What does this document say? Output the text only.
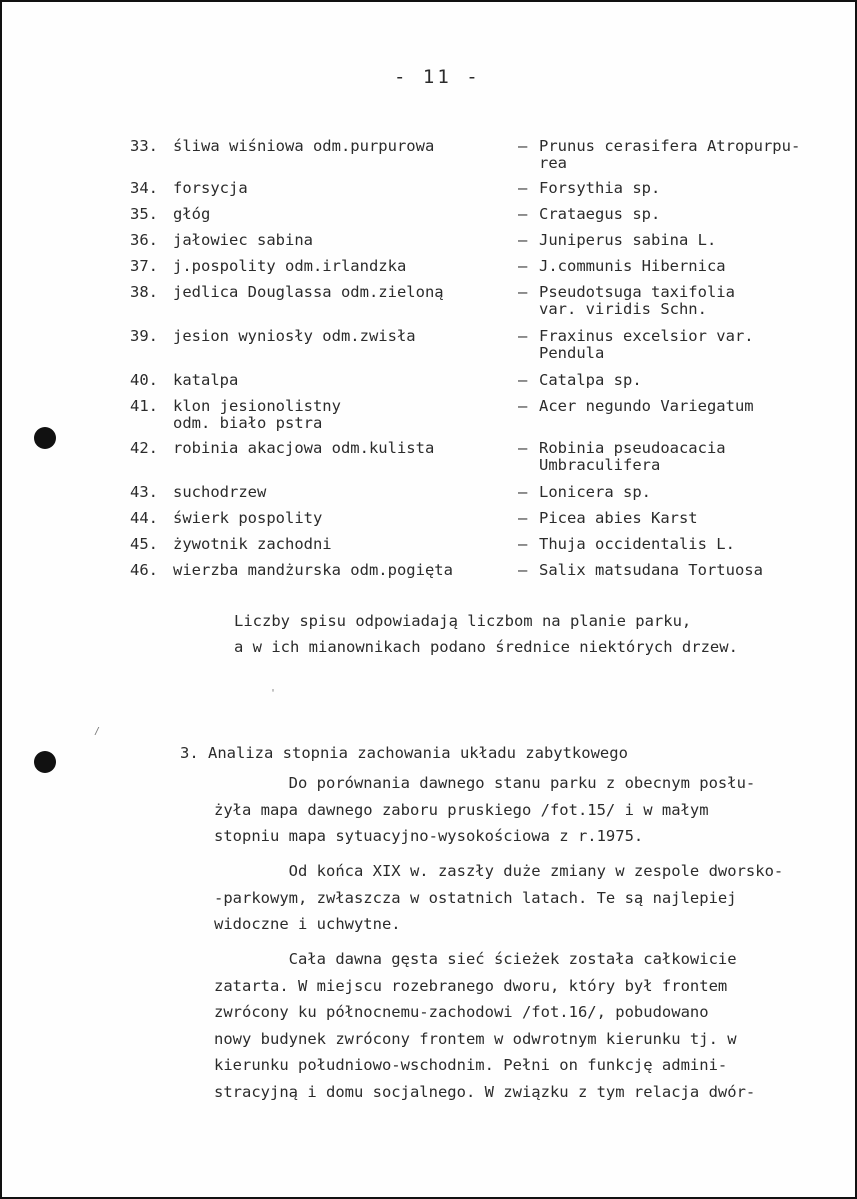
- 11 -
33. śliwa wiśniowa odm.purpurowa	– Prunus cerasifera Atropurpu-
rea
34. forsycja	– Forsythia sp.
35. głóg	– Crataegus sp.
36. jałowiec sabina	– Juniperus sabina L.
37. j.pospolity odm.irlandzka	– J.communis Hibernica
38. jedlica Douglassa odm.zieloną	– Pseudotsuga taxifolia
var. viridis Schn.
39. jesion wyniosły odm.zwisła	– Fraxinus excelsior var.
Pendula
40. katalpa	– Catalpa sp.
41. klon jesionolistny
odm. biało pstra
– Acer negundo Variegatum
42. robinia akacjowa odm.kulista	– Robinia pseudoacacia
Umbraculifera
43. suchodrzew	– Lonicera sp.
44. świerk pospolity	– Picea abies Karst
45. żywotnik zachodni	– Thuja occidentalis L.
46. wierzba mandżurska odm.pogięta	– Salix matsudana Tortuosa
Liczby spisu odpowiadają liczbom na planie parku,
a w ich mianownikach podano średnice niektórych drzew.
'
/
3. Analiza stopnia zachowania układu zabytkowego
Do porównania dawnego stanu parku z obecnym posłu-
żyła mapa dawnego zaboru pruskiego /fot.15/ i w małym
stopniu mapa sytuacyjno-wysokościowa z r.1975.
Od końca XIX w. zaszły duże zmiany w zespole dworsko-
-parkowym, zwłaszcza w ostatnich latach. Te są najlepiej
widoczne i uchwytne.
Cała dawna gęsta sieć ścieżek została całkowicie
zatarta. W miejscu rozebranego dworu, który był frontem
zwrócony ku północnemu-zachodowi /fot.16/, pobudowano
nowy budynek zwrócony frontem w odwrotnym kierunku tj. w
kierunku południowo-wschodnim. Pełni on funkcję admini-
stracyjną i domu socjalnego. W związku z tym relacja dwór-
